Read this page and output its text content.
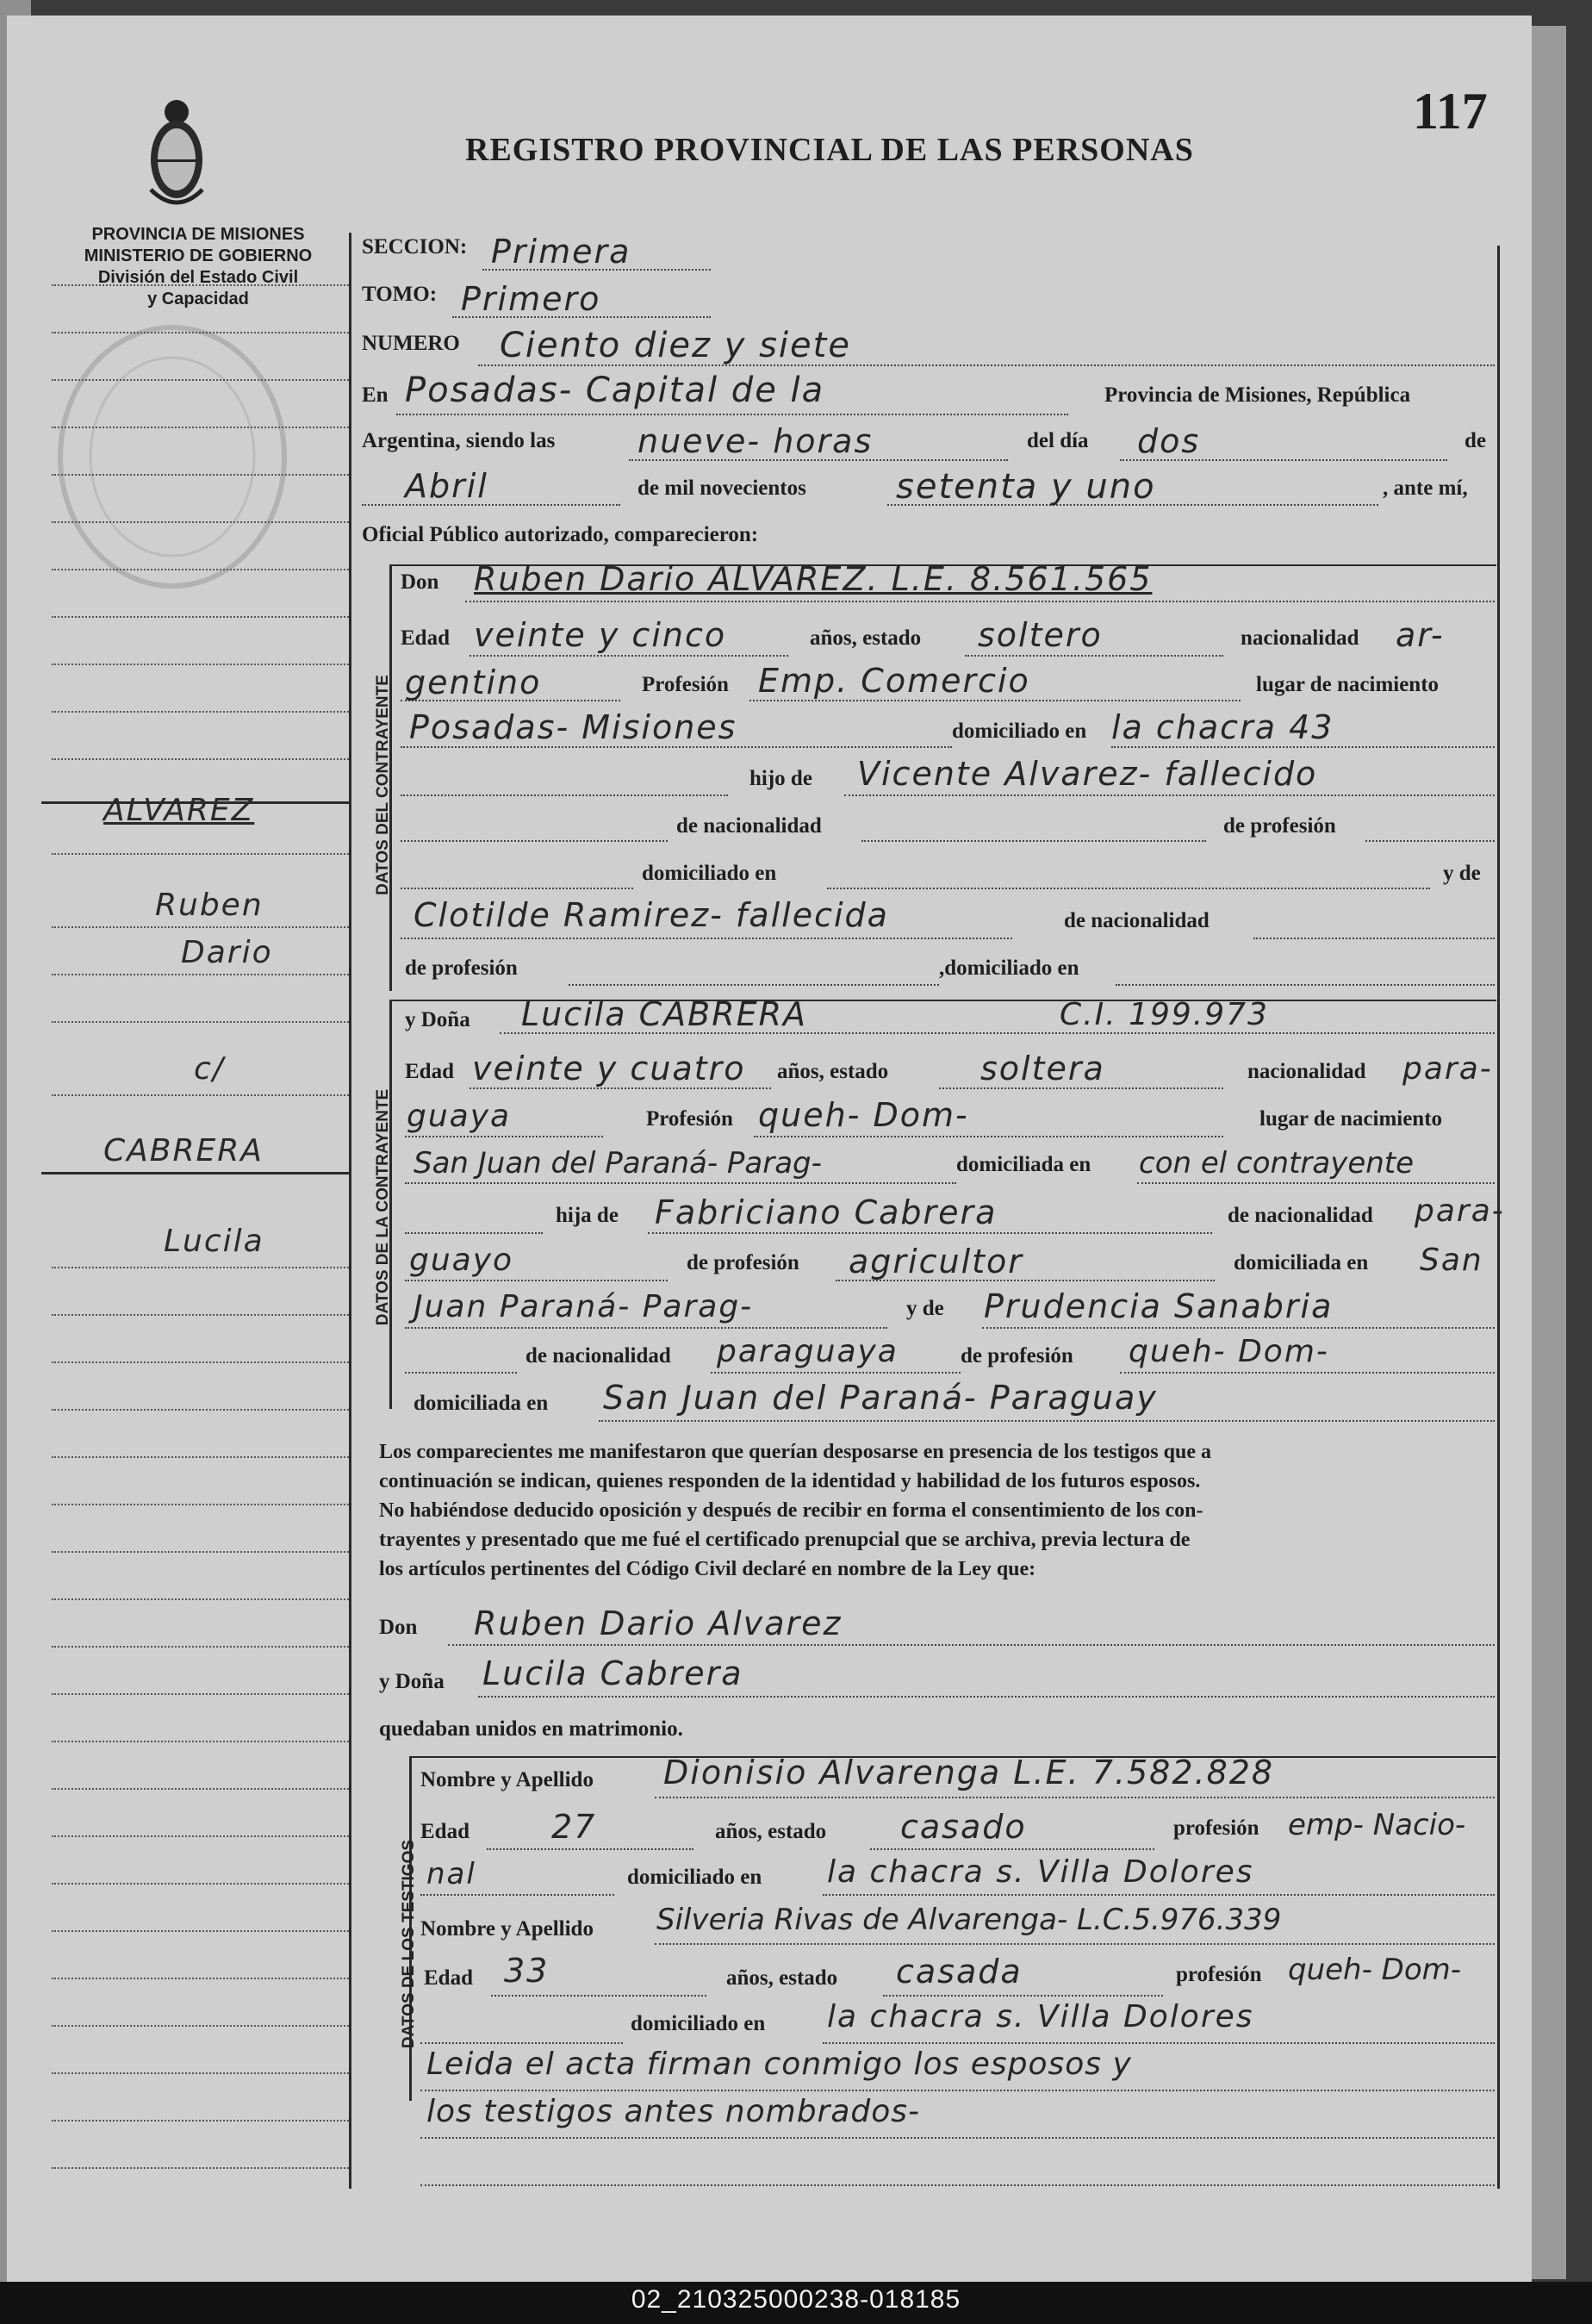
PROVINCIA DE MISIONES
MINISTERIO DE GOBIERNO
División del Estado Civil
y Capacidad
117
REGISTRO PROVINCIAL DE LAS PERSONAS
ALVAREZ
Ruben
Dario
c/
CABRERA
Lucila
SECCION: Primera
TOMO: Primero
NUMERO Ciento diez y siete
En Posadas- Capital de la	Provincia de Misiones, República
Argentina, siendo las	nueve- horas	del día dos	de
Abril	de mil novecientos	setenta y uno	, ante mí,
Oficial Público autorizado, comparecieron:
DATOS DEL CONTRAYENTE
Don Ruben Dario ALVAREZ. L.E. 8.561.565
Edad veinte y cinco	años, estado soltero	nacionalidad ar-
gentino	Profesión Emp. Comercio	lugar de nacimiento
Posadas- Misiones	domiciliado en la chacra 43
hijo de Vicente Alvarez- fallecido
de nacionalidad	de profesión
domiciliado en	y de
Clotilde Ramirez- fallecida	de nacionalidad
de profesión	,domiciliado en
DATOS DE LA CONTRAYENTE
y Doña Lucila CABRERA	C.I. 199.973
Edad veinte y cuatro años, estado	soltera	nacionalidad para-
guaya	Profesión queh- Dom-	lugar de nacimiento
San Juan del Paraná- Parag-	domiciliada en con el contrayente
hija de Fabriciano Cabrera	de nacionalidad para-
guayo	de profesión agricultor	domiciliada en San
Juan Paraná- Parag-	y de Prudencia Sanabria
de nacionalidad paraguaya	de profesión queh- Dom-
domiciliada en San Juan del Paraná- Paraguay
Los comparecientes me manifestaron que querían desposarse en presencia de los testigos que a
continuación se indican, quienes responden de la identidad y habilidad de los futuros esposos.
No habiéndose deducido oposición y después de recibir en forma el consentimiento de los con-
trayentes y presentado que me fué el certificado prenupcial que se archiva, previa lectura de
los artículos pertinentes del Código Civil declaré en nombre de la Ley que:
Don Ruben Dario Alvarez
y Doña Lucila Cabrera
quedaban unidos en matrimonio.
DATOS DE LOS TESTIGOS
Nombre y Apellido Dionisio Alvarenga L.E. 7.582.828
Edad	27	años, estado casado	profesión emp- Nacio-
nal	domiciliado en la chacra s. Villa Dolores
Nombre y Apellido Silveria Rivas de Alvarenga- L.C.5.976.339
Edad 33	años, estado casada	profesión queh- Dom-
domiciliado en la chacra s. Villa Dolores
Leida el acta firman conmigo los esposos y
los testigos antes nombrados-
02_210325000238-018185
